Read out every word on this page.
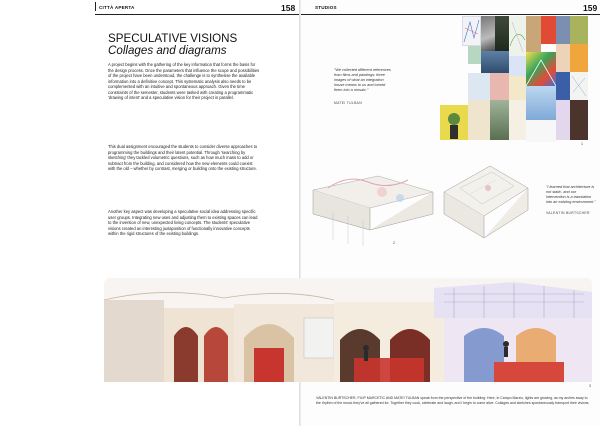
CITTÀ APERTA	158
SPECULATIVE VISIONS
Collages and diagrams

A project begins with the gathering of the key information that forms the basis for the design process. Once the parameters that influence the scope and possibilities of the project have been understood, the challenge is to synthesise the available information into a definitive concept. This systematic analysis also needs to be complemented with an intuitive and spontaneous approach. Given the time constraints of the semester, students were tasked with creating a programmatic 'drawing of intent' and a speculative vision for their project in parallel.

This dual assignment encouraged the students to consider diverse approaches to programming the buildings and their latent potential. Through 'searching by sketching' they tackled volumetric questions, such as how much mass to add or subtract from the building, and considered how the new elements could coexist with the old – whether by contrast, merging or building onto the existing structure.

Another key aspect was developing a speculative social idea addressing specific user groups. Integrating new uses and adjusting them to existing spaces can lead to the invention of new, unexpected living concepts. The students' speculative visions created an interesting juxtaposition of functionally innovative concepts within the rigid structures of the existing buildings.

STUDIOS	159

"We collected different references from films and paintings: three images of what an integration house means to us and turned them into a mosaic."

MATEI TULBAN
1
2

"I learned that architecture is not static, and our intervention is a translation into an existing environment."

VALENTIN BURTSCHER
3

VALENTIN BURTSCHER, FILIP MARCETIC AND MATEI TULBAN speak from the perspective of the building: Here, in Campo Marzio, lights are glowing, as my arches sway to the rhythm of the music they've all gathered for. Together they cook, celebrate and laugh, and I begin to come alive. Collages and sketches spontaneously transport their visions.
